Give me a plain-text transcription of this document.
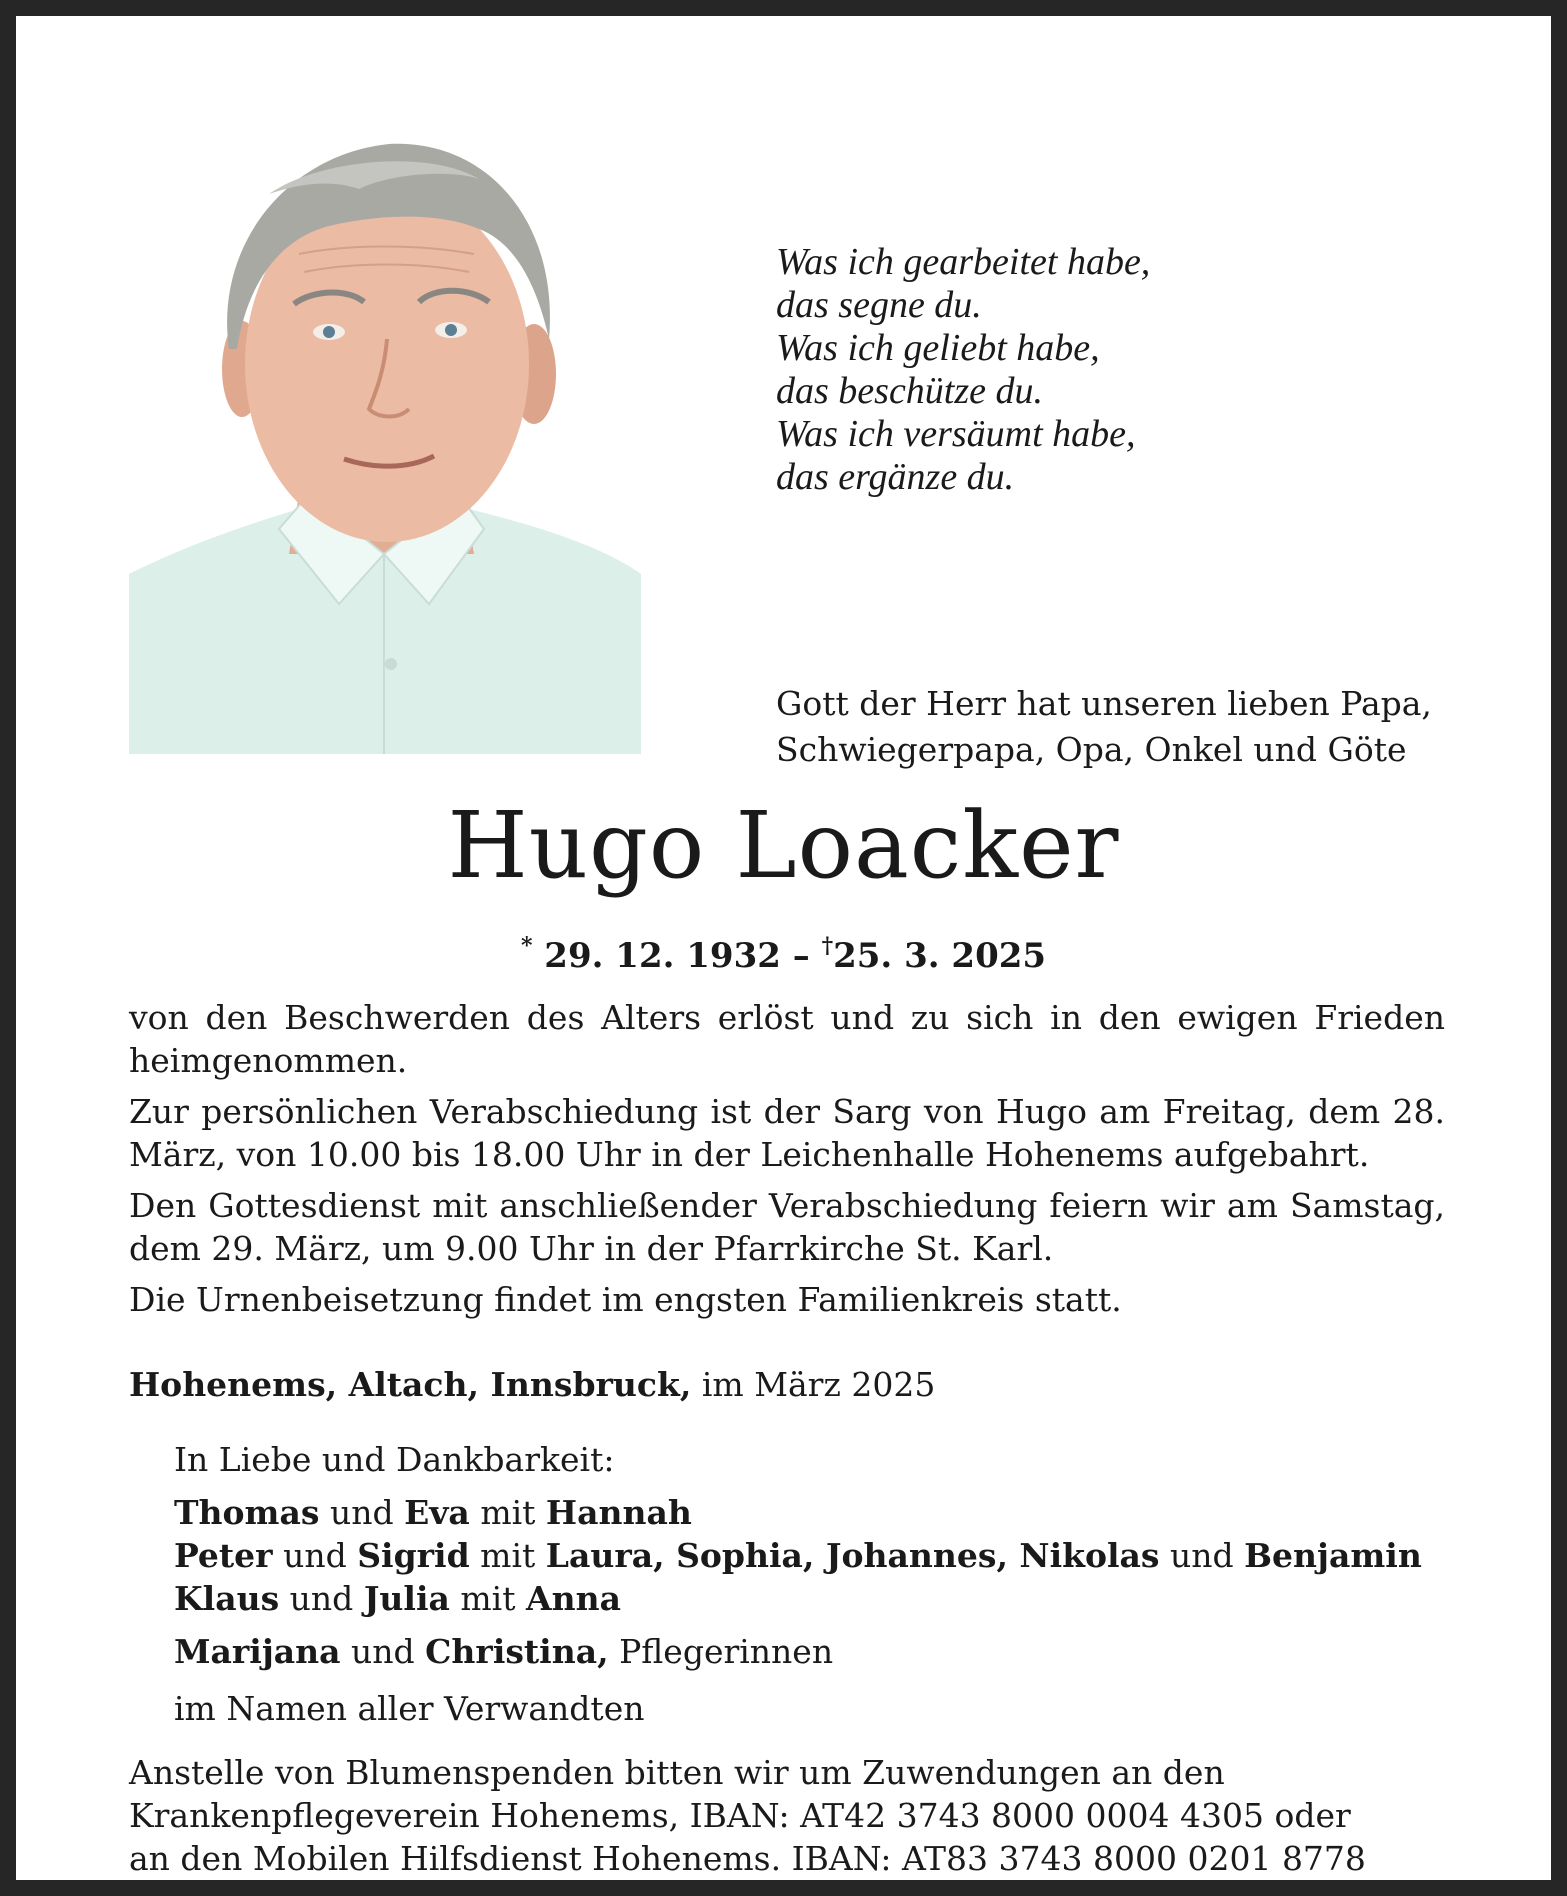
Was ich gearbeitet habe,
das segne du.
Was ich geliebt habe,
das beschütze du.
Was ich versäumt habe,
das ergänze du.
Gott der Herr hat unseren lieben Papa,
Schwiegerpapa, Opa, Onkel und Göte
Hugo Loacker
* 29. 12. 1932 – †25. 3. 2025

von den Beschwerden des Alters erlöst und zu sich in den ewigen Frieden heimgenommen.

Zur persönlichen Verabschiedung ist der Sarg von Hugo am Freitag, dem 28. März, von 10.00 bis 18.00 Uhr in der Leichenhalle Hohenems aufgebahrt.

Den Gottesdienst mit anschließender Verabschiedung feiern wir am Samstag, dem 29. März, um 9.00 Uhr in der Pfarrkirche St. Karl.

Die Urnenbeisetzung findet im engsten Familienkreis statt.

Hohenems, Altach, Innsbruck, im März 2025
In Liebe und Dankbarkeit:
Thomas und Eva mit Hannah
Peter und Sigrid mit Laura, Sophia, Johannes, Nikolas und Benjamin
Klaus und Julia mit Anna
Marijana und Christina, Pflegerinnen
im Namen aller Verwandten
Anstelle von Blumenspenden bitten wir um Zuwendungen an den
Krankenpflegeverein Hohenems, IBAN: AT42 3743 8000 0004 4305 oder
an den Mobilen Hilfsdienst Hohenems. IBAN: AT83 3743 8000 0201 8778
